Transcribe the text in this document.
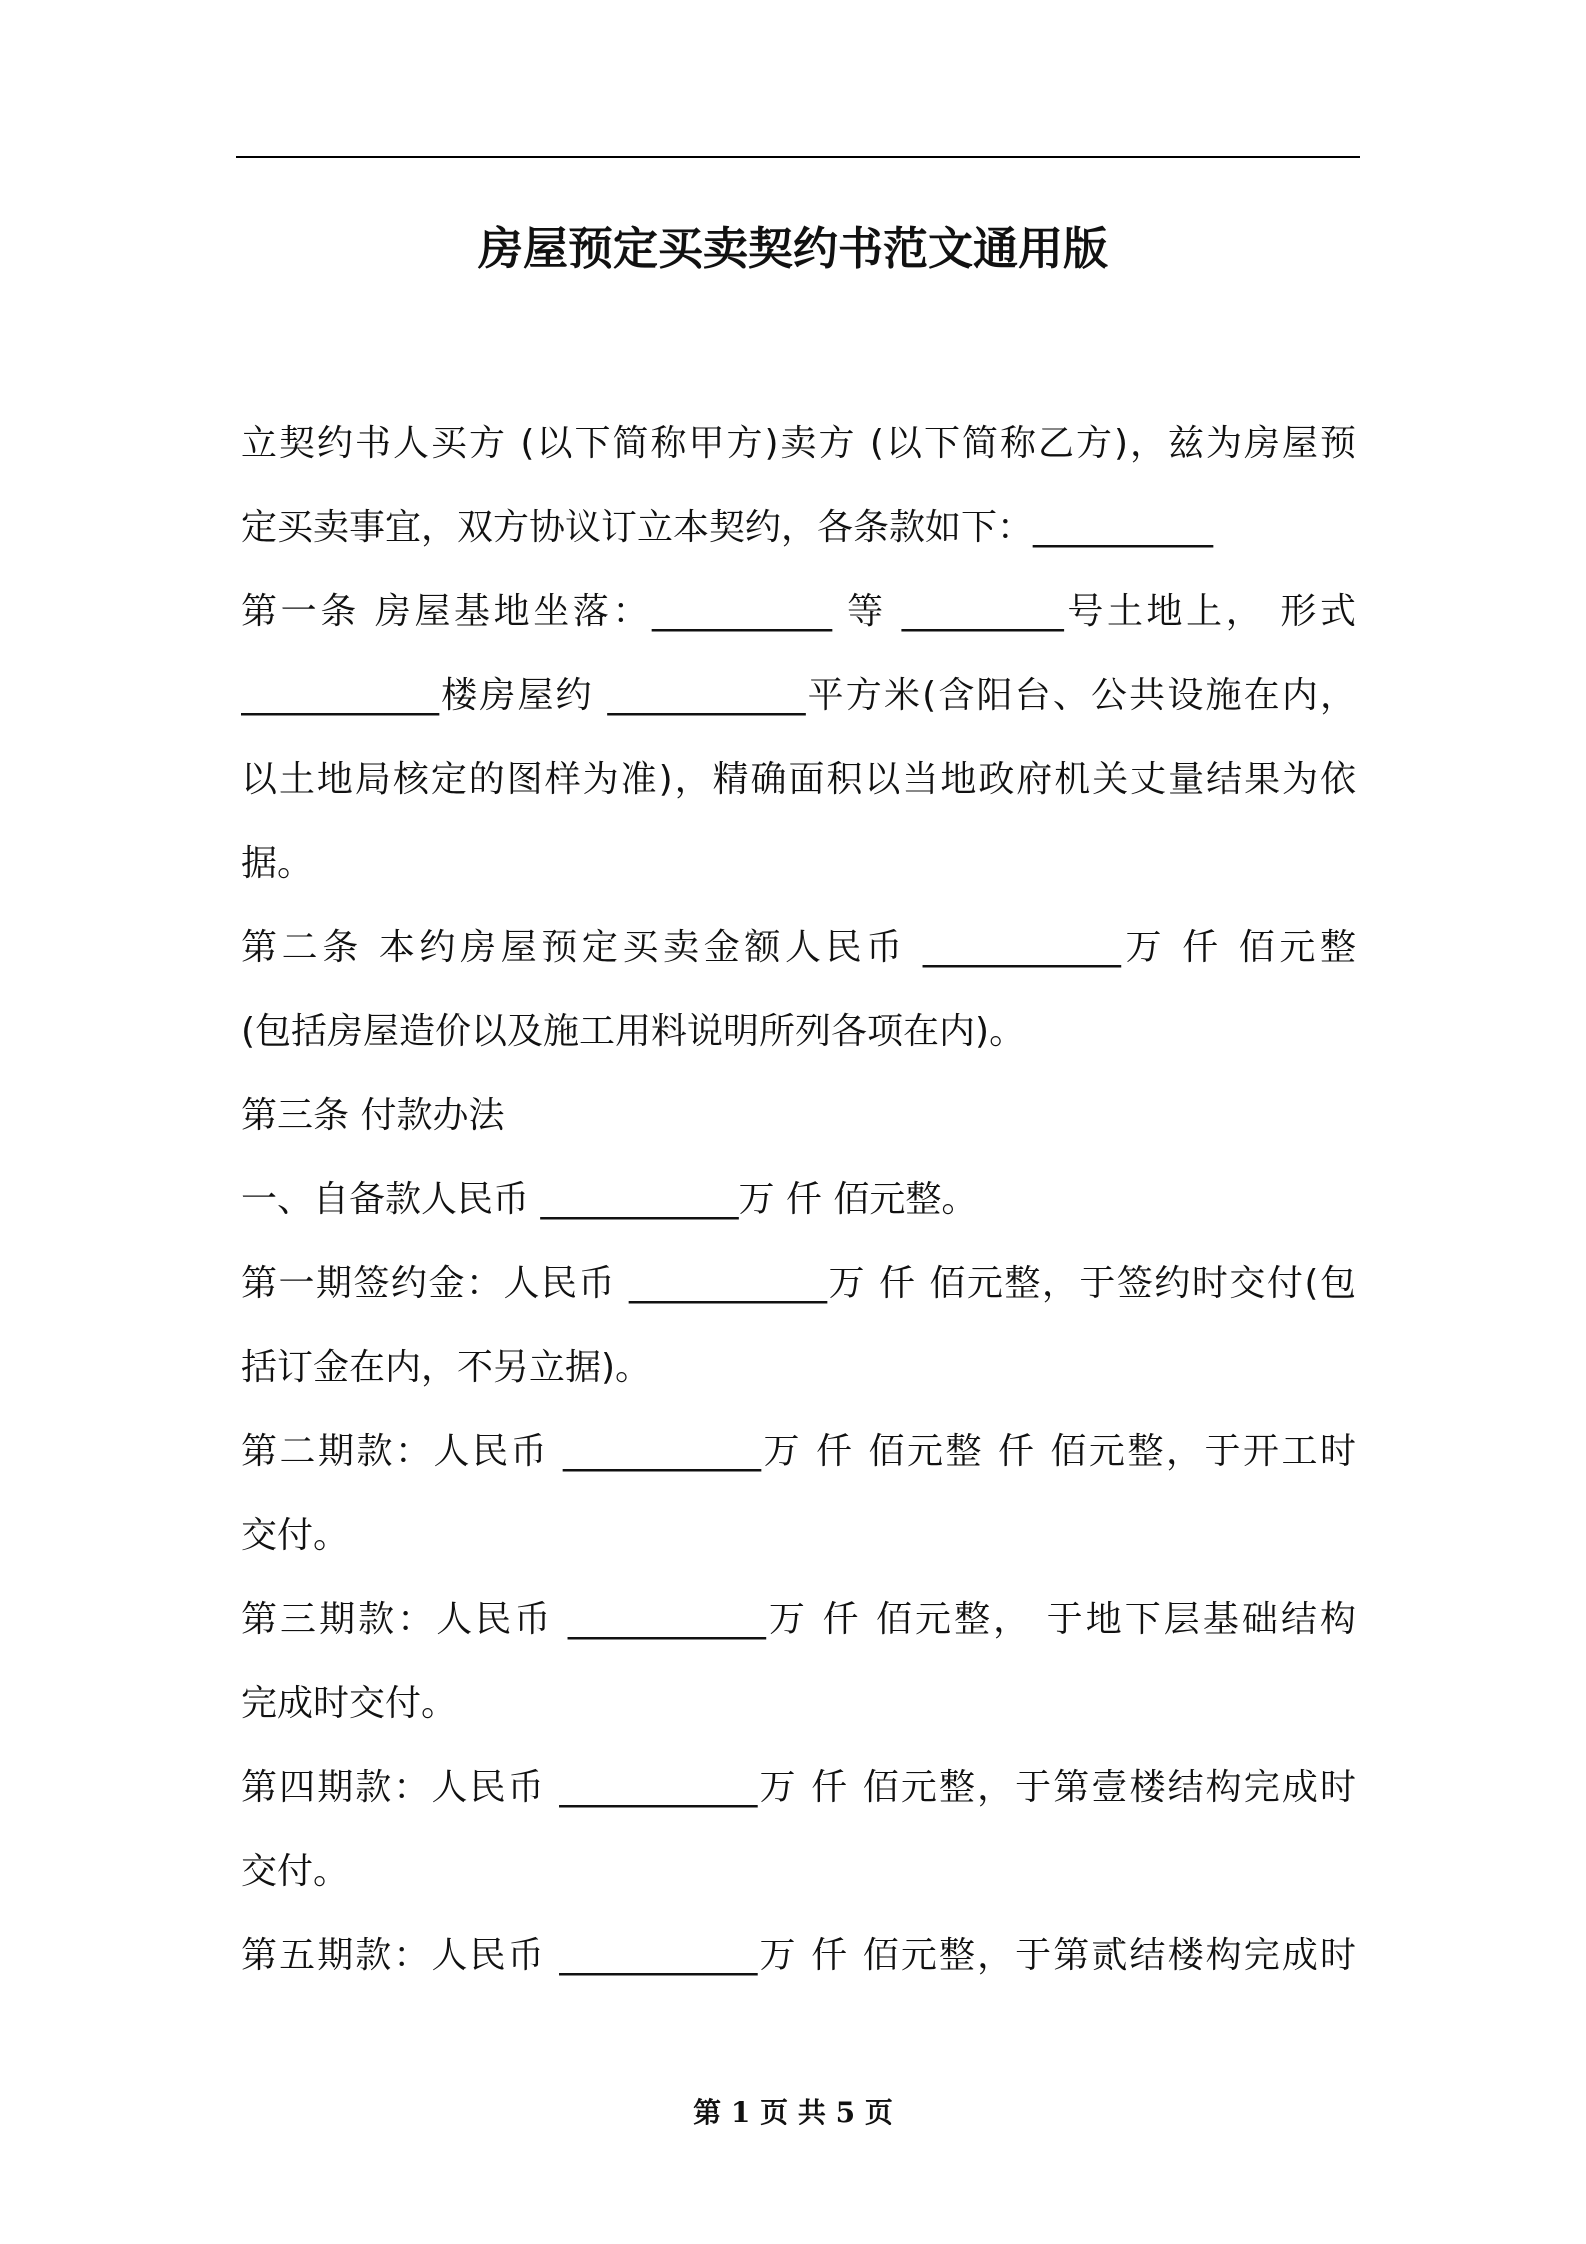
房屋预定买卖契约书范文通用版
立契约书人买方 (以下简称甲方)卖方 (以下简称乙方)，兹为房屋预
定买卖事宜，双方协议订立本契约，各条款如下：__________
第一条 房屋基地坐落：__________ 等 _________号土地上， 形式
___________楼房屋约 ___________平方米(含阳台、公共设施在内，
以土地局核定的图样为准)，精确面积以当地政府机关丈量结果为依
据。
第二条 本约房屋预定买卖金额人民币 ___________万 仟 佰元整
(包括房屋造价以及施工用料说明所列各项在内)。
第三条 付款办法
一、自备款人民币 ___________万 仟 佰元整。
第一期签约金：人民币 ___________万 仟 佰元整，于签约时交付(包
括订金在内，不另立据)。
第二期款：人民币 ___________万 仟 佰元整 仟 佰元整，于开工时
交付。
第三期款：人民币 ___________万 仟 佰元整， 于地下层基础结构
完成时交付。
第四期款：人民币 ___________万 仟 佰元整，于第壹楼结构完成时
交付。
第五期款：人民币 ___________万 仟 佰元整，于第贰结楼构完成时
第 1 页 共 5 页
